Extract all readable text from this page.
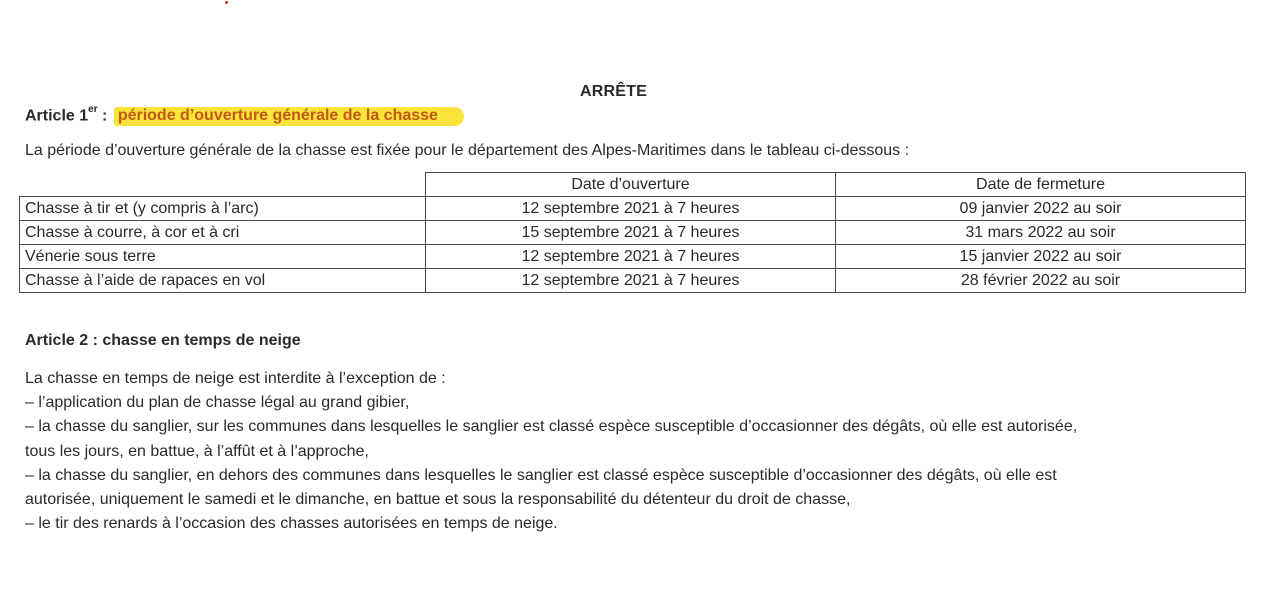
ARRÊTE
Article 1er : période d’ouverture générale de la chasse
La période d’ouverture générale de la chasse est fixée pour le département des Alpes-Maritimes dans le tableau ci-dessous :
	Date d’ouverture	Date de fermeture
Chasse à tir et (y compris à l’arc)	12 septembre 2021 à 7 heures	09 janvier 2022 au soir
Chasse à courre, à cor et à cri	15 septembre 2021 à 7 heures	31 mars 2022 au soir
Vénerie sous terre	12 septembre 2021 à 7 heures	15 janvier 2022 au soir
Chasse à l’aide de rapaces en vol	12 septembre 2021 à 7 heures	28 février 2022 au soir
Article 2 : chasse en temps de neige
La chasse en temps de neige est interdite à l’exception de :
– l’application du plan de chasse légal au grand gibier,
– la chasse du sanglier, sur les communes dans lesquelles le sanglier est classé espèce susceptible d’occasionner des dégâts, où elle est autorisée,
tous les jours, en battue, à l’affût et à l’approche,
– la chasse du sanglier, en dehors des communes dans lesquelles le sanglier est classé espèce susceptible d’occasionner des dégâts, où elle est
autorisée, uniquement le samedi et le dimanche, en battue et sous la responsabilité du détenteur du droit de chasse,
– le tir des renards à l’occasion des chasses autorisées en temps de neige.
